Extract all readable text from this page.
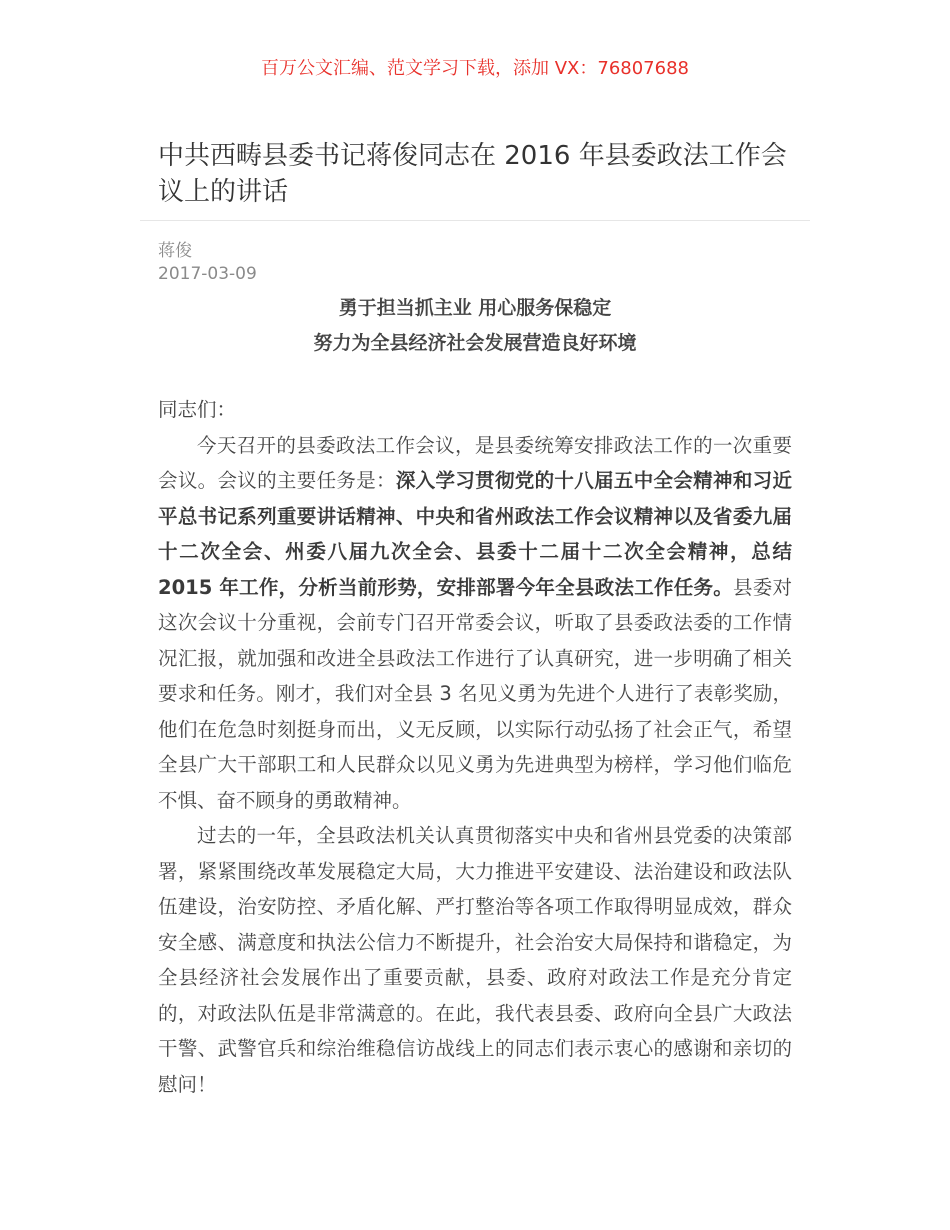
百万公文汇编、范文学习下载，添加 VX：76807688
中共西畴县委书记蒋俊同志在 2016 年县委政法工作会议上的讲话
蒋俊
2017-03-09
勇于担当抓主业 用心服务保稳定
努力为全县经济社会发展营造良好环境

同志们：

今天召开的县委政法工作会议，是县委统筹安排政法工作的一次重要会议。会议的主要任务是：深入学习贯彻党的十八届五中全会精神和习近平总书记系列重要讲话精神、中央和省州政法工作会议精神以及省委九届十二次全会、州委八届九次全会、县委十二届十二次全会精神，总结 2015 年工作，分析当前形势，安排部署今年全县政法工作任务。县委对这次会议十分重视，会前专门召开常委会议，听取了县委政法委的工作情况汇报，就加强和改进全县政法工作进行了认真研究，进一步明确了相关要求和任务。刚才，我们对全县 3 名见义勇为先进个人进行了表彰奖励，他们在危急时刻挺身而出，义无反顾，以实际行动弘扬了社会正气，希望全县广大干部职工和人民群众以见义勇为先进典型为榜样，学习他们临危不惧、奋不顾身的勇敢精神。

过去的一年，全县政法机关认真贯彻落实中央和省州县党委的决策部署，紧紧围绕改革发展稳定大局，大力推进平安建设、法治建设和政法队伍建设，治安防控、矛盾化解、严打整治等各项工作取得明显成效，群众安全感、满意度和执法公信力不断提升，社会治安大局保持和谐稳定，为全县经济社会发展作出了重要贡献，县委、政府对政法工作是充分肯定的，对政法队伍是非常满意的。在此，我代表县委、政府向全县广大政法干警、武警官兵和综治维稳信访战线上的同志们表示衷心的感谢和亲切的慰问！
